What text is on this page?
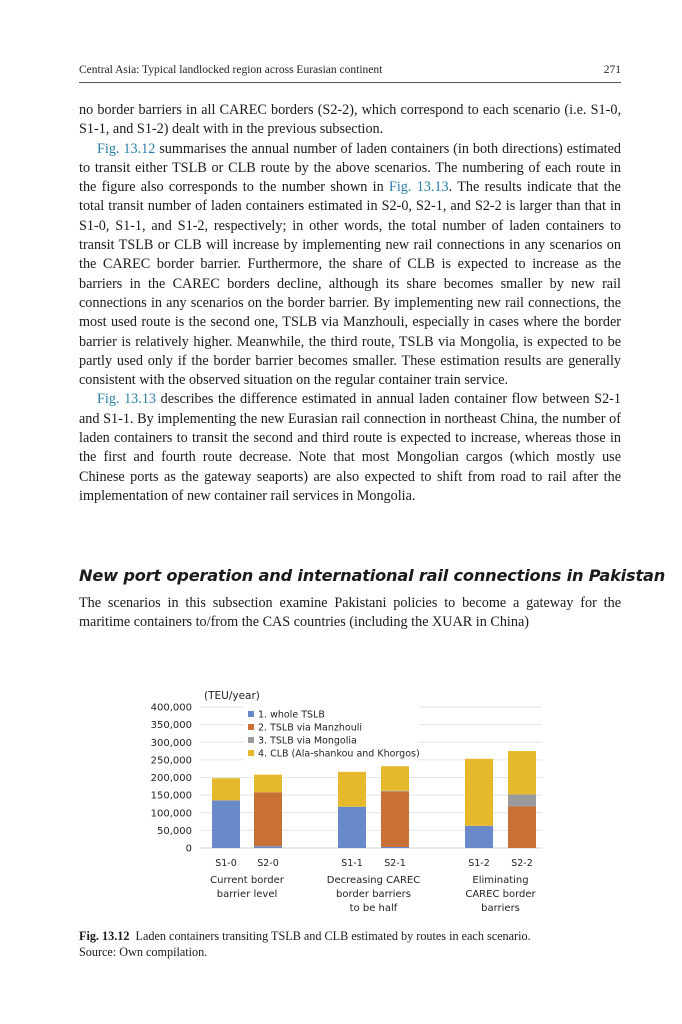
Central Asia: Typical landlocked region across Eurasian continent	271

no border barriers in all CAREC borders (S2-2), which correspond to each scenario (i.e. S1-0, S1-1, and S1-2) dealt with in the previous subsection.

Fig. 13.12 summarises the annual number of laden containers (in both directions) estimated to transit either TSLB or CLB route by the above scenarios. The numbering of each route in the figure also corresponds to the number shown in Fig. 13.13. The results indicate that the total transit number of laden containers estimated in S2-0, S2-1, and S2-2 is larger than that in S1-0, S1-1, and S1-2, respectively; in other words, the total number of laden containers to transit TSLB or CLB will increase by implementing new rail connections in any scenarios on the CAREC border barrier. Furthermore, the share of CLB is expected to increase as the barriers in the CAREC borders decline, although its share becomes smaller by new rail connections in any scenarios on the border barrier. By implementing new rail connections, the most used route is the second one, TSLB via Manzhouli, especially in cases where the border barrier is relatively higher. Meanwhile, the third route, TSLB via Mongolia, is expected to be partly used only if the border barrier becomes smaller. These estimation results are generally consistent with the observed situation on the regular container train service.

Fig. 13.13 describes the difference estimated in annual laden container flow between S2-1 and S1-1. By implementing the new Eurasian rail connection in northeast China, the number of laden containers to transit the second and third route is expected to increase, whereas those in the first and fourth route decrease. Note that most Mongolian cargos (which mostly use Chinese ports as the gateway seaports) are also expected to shift from road to rail after the implementation of new container rail services in Mongolia.

New port operation and international rail connections in Pakistan
The scenarios in this subsection examine Pakistani policies to become a gateway for the maritime containers to/from the CAS countries (including the XUAR in China)
Fig. 13.12 Laden containers transiting TSLB and CLB estimated by routes in each scenario.
Source: Own compilation.
0
50,000
100,000
150,000
200,000
250,000
300,000
350,000
400,000
(TEU/year)
S1-0 S2-0	S1-1 S2-1	S1-2 S2-2
Current border
barrier level
Decreasing CAREC
border barriers
to be half
Eliminating
CAREC border
barriers
1. whole TSLB
2. TSLB via Manzhouli
3. TSLB via Mongolia
4. CLB (Ala-shankou and Khorgos)
